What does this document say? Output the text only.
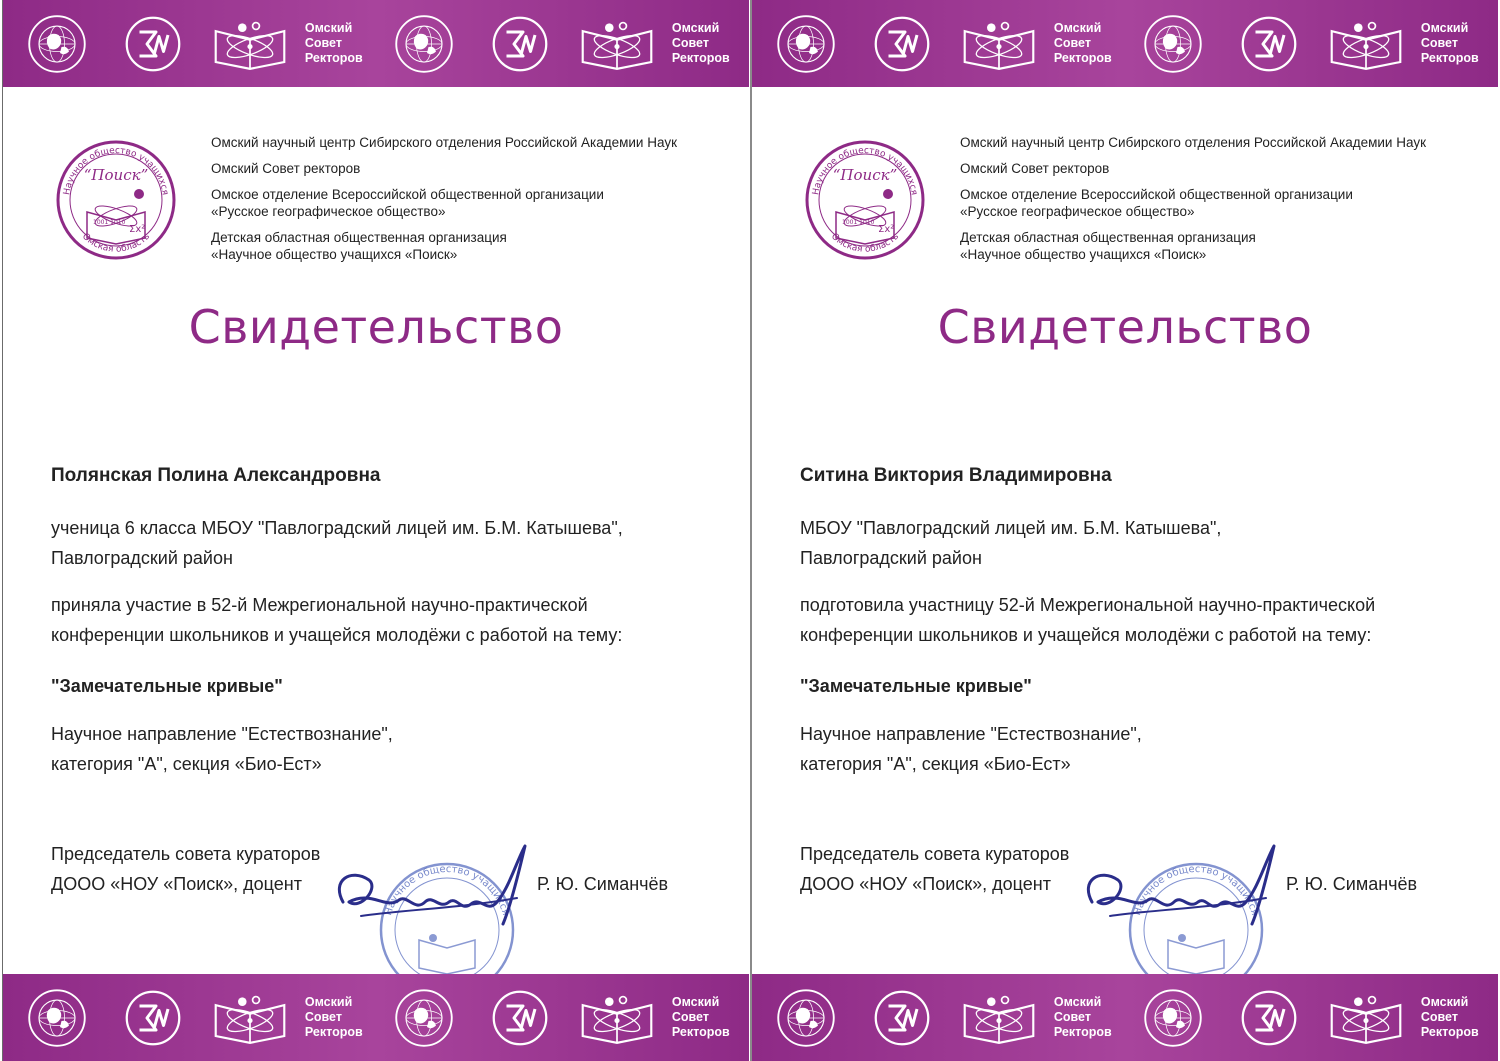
Омский
Совет
Ректоров
Омский
Совет
Ректоров
“Поиск”
1001 1010
Σx²
Научное общество учащихся
Омская область
Омский научный центр Сибирского отделения Российской Академии Наук
Омский Совет ректоров
Омское отделение Всероссийской общественной организации
«Русское географическое общество»
Детская областная общественная организация
«Научное общество учащихся «Поиск»
Свидетельство
Полянская Полина Александровна
ученица 6 класса МБОУ "Павлоградский лицей им. Б.М. Катышева",
Павлоградский район
приняла участие в 52-й Межрегиональной научно-практической
конференции школьников и учащейся молодёжи с работой на тему:
"Замечательные кривые"
Научное направление "Естествознание",
категория "А", секция «Био-Ест»
Председатель совета кураторов
ДООО «НОУ «Поиск», доцент
Научное общество учащихся
Р. Ю. Симанчёв
Омский
Совет
Ректоров
Омский
Совет
Ректоров
Омский
Совет
Ректоров
Омский
Совет
Ректоров
“Поиск”
1001 1010
Σx²
Научное общество учащихся
Омская область
Омский научный центр Сибирского отделения Российской Академии Наук
Омский Совет ректоров
Омское отделение Всероссийской общественной организации
«Русское географическое общество»
Детская областная общественная организация
«Научное общество учащихся «Поиск»
Свидетельство
Ситина Виктория Владимировна
МБОУ "Павлоградский лицей им. Б.М. Катышева",
Павлоградский район
подготовила участницу 52-й Межрегиональной научно-практической
конференции школьников и учащейся молодёжи с работой на тему:
"Замечательные кривые"
Научное направление "Естествознание",
категория "А", секция «Био-Ест»
Председатель совета кураторов
ДООО «НОУ «Поиск», доцент
Научное общество учащихся
Р. Ю. Симанчёв
Омский
Совет
Ректоров
Омский
Совет
Ректоров
